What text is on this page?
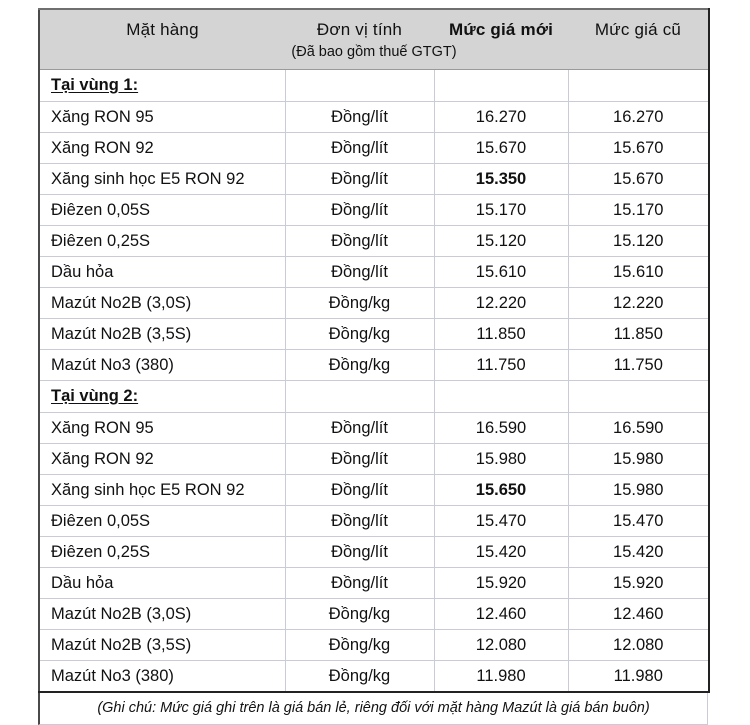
Mặt hàng	Đơn vị tính	Mức giá mới	Mức giá cũ
(Đã bao gồm thuế GTGT)			
Tại vùng 1:			
Xăng RON 95	Đồng/lít	16.270	16.270
Xăng RON 92	Đồng/lít	15.670	15.670
Xăng sinh học E5 RON 92	Đồng/lít	15.350	15.670
Điêzen 0,05S	Đồng/lít	15.170	15.170
Điêzen 0,25S	Đồng/lít	15.120	15.120
Dầu hỏa	Đồng/lít	15.610	15.610
Mazút No2B (3,0S)	Đồng/kg	12.220	12.220
Mazút No2B (3,5S)	Đồng/kg	11.850	11.850
Mazút No3 (380)	Đồng/kg	11.750	11.750
Tại vùng 2:			
Xăng RON 95	Đồng/lít	16.590	16.590
Xăng RON 92	Đồng/lít	15.980	15.980
Xăng sinh học E5 RON 92	Đồng/lít	15.650	15.980
Điêzen 0,05S	Đồng/lít	15.470	15.470
Điêzen 0,25S	Đồng/lít	15.420	15.420
Dầu hỏa	Đồng/lít	15.920	15.920
Mazút No2B (3,0S)	Đồng/kg	12.460	12.460
Mazút No2B (3,5S)	Đồng/kg	12.080	12.080
Mazút No3 (380)	Đồng/kg	11.980	11.980
(Ghi chú: Mức giá ghi trên là giá bán lẻ, riêng đối với mặt hàng Mazút là giá bán buôn)
